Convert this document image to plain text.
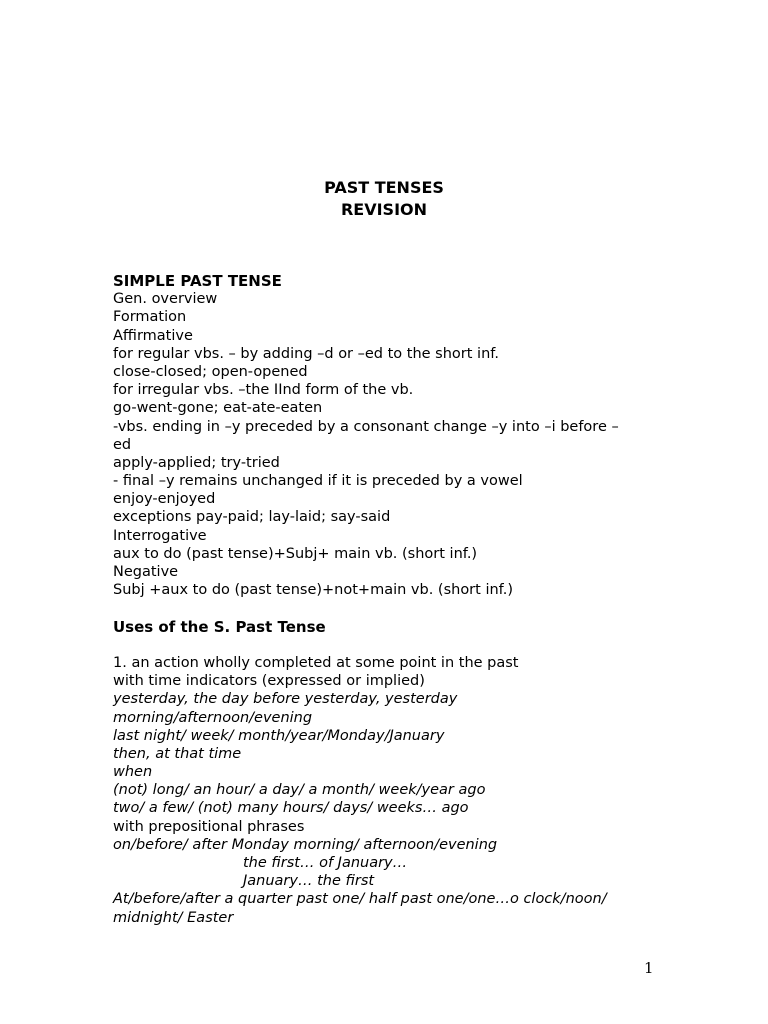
PAST TENSES
REVISION
SIMPLE PAST TENSE
Gen. overview
Formation
Affirmative
for regular vbs. – by adding –d or –ed to the short inf.
close-closed; open-opened
for irregular vbs. –the IInd form of the vb.
go-went-gone; eat-ate-eaten
-vbs. ending in –y preceded by a consonant change –y into –i before –
ed
apply-applied; try-tried
- final –y remains unchanged if it is preceded by a vowel
enjoy-enjoyed
exceptions pay-paid; lay-laid; say-said
Interrogative
aux to do (past tense)+Subj+ main vb. (short inf.)
Negative
Subj +aux to do (past tense)+not+main vb. (short inf.)
Uses of the S. Past Tense
1. an action wholly completed at some point in the past
with time indicators (expressed or implied)
yesterday, the day before yesterday, yesterday
morning/afternoon/evening
last night/ week/ month/year/Monday/January
then, at that time
when
(not) long/ an hour/ a day/ a month/ week/year ago
two/ a few/ (not) many hours/ days/ weeks… ago
with prepositional phrases
on/before/ after Monday morning/ afternoon/evening
the first… of January…
January… the first
At/before/after a quarter past one/ half past one/one…o clock/noon/
midnight/ Easter
1
